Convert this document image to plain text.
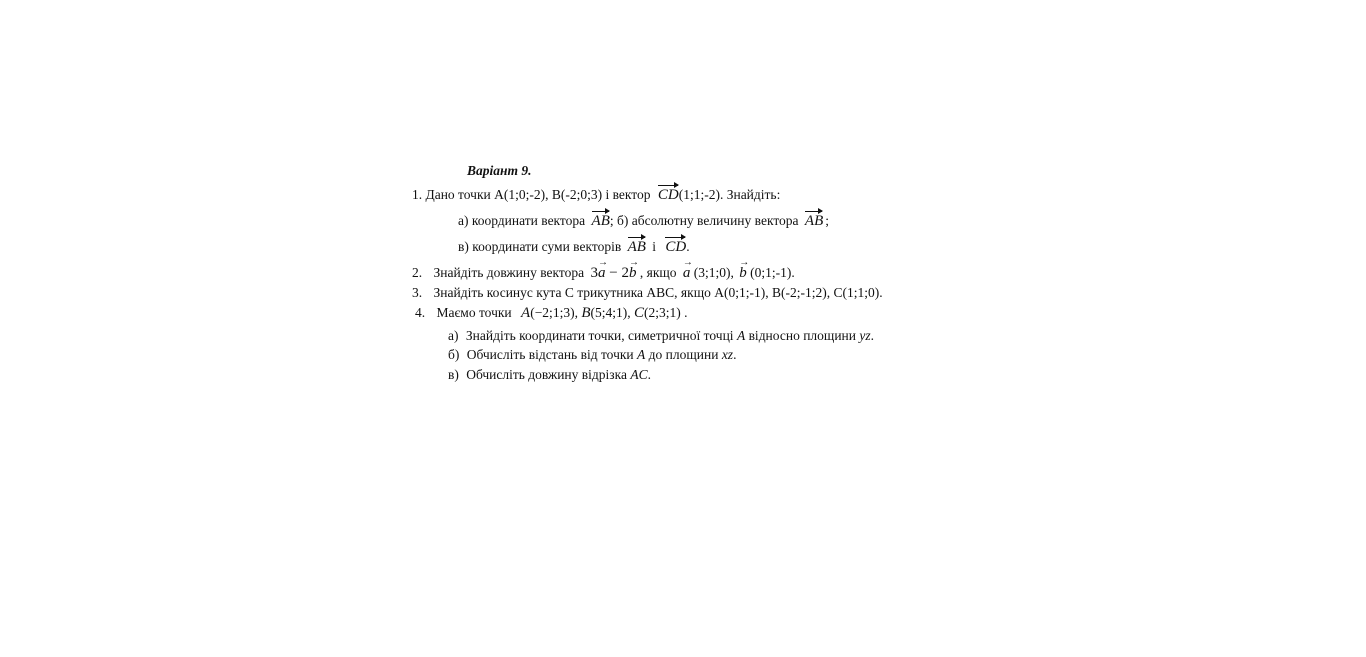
Варіант 9.
1. Дано точки А(1;0;-2), В(-2;0;3) і вектор CD(1;1;-2). Знайдіть:
а) координати вектора AB; б) абсолютну величину вектора AB ;
в) координати суми векторів AB і CD.
2. Знайдіть довжину вектора 3→ a − 2→ b , якщо → a (3;1;0), → b (0;1;-1).
3. Знайдіть косинус кута С трикутника АВС, якщо А(0;1;-1), В(-2;-1;2), С(1;1;0).
4. Маємо точки A(−2;1;3), B(5;4;1), C(2;3;1) .
а) Знайдіть координати точки, симетричної точці A відносно площини yz.
б) Обчисліть відстань від точки A до площини xz.
в) Обчисліть довжину відрізка AC.
